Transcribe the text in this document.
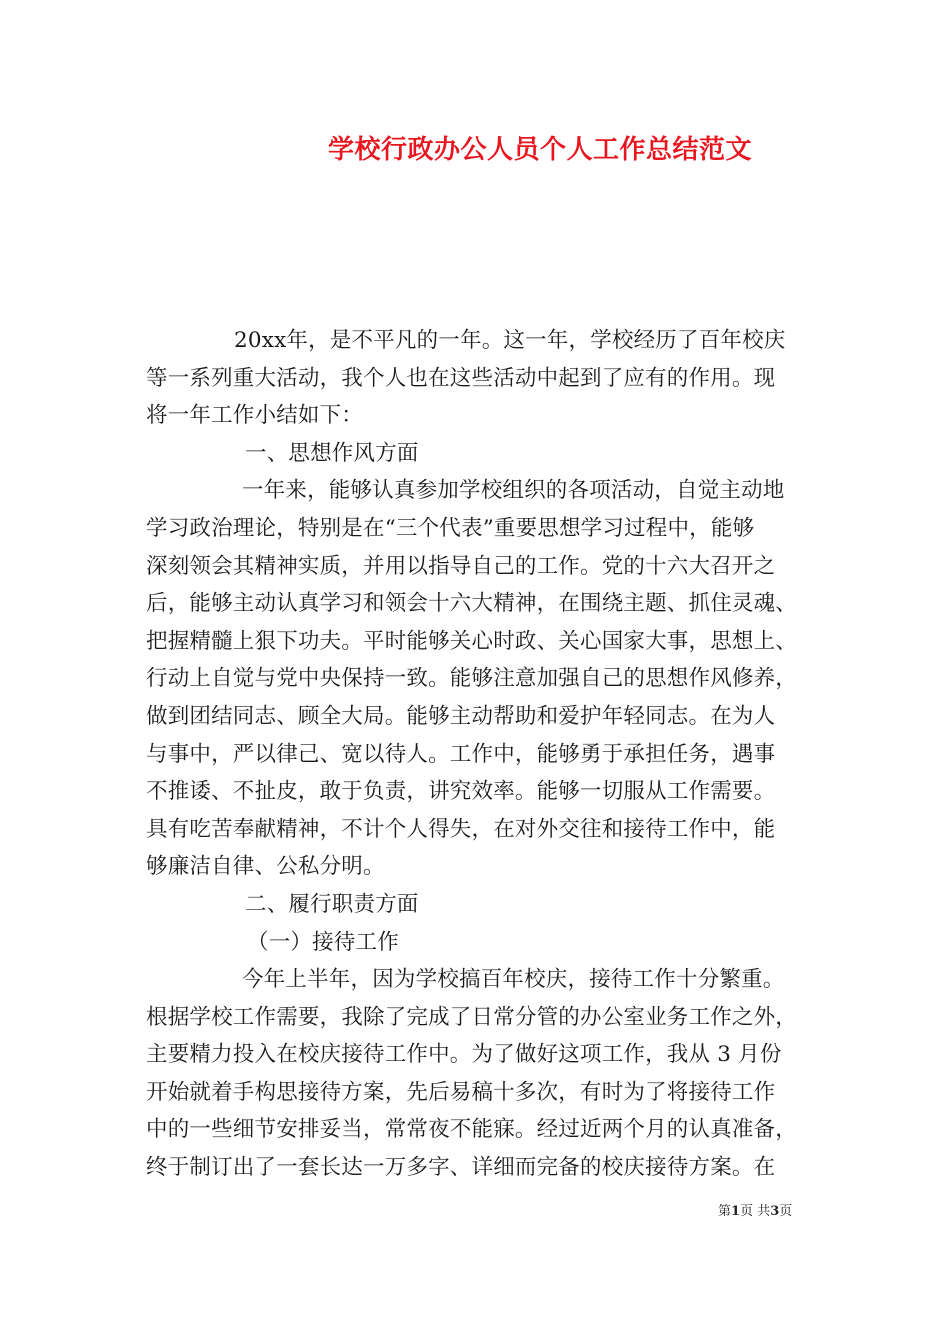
学校行政办公人员个人工作总结范文
20xx年，是不平凡的一年。这一年，学校经历了百年校庆
等一系列重大活动，我个人也在这些活动中起到了应有的作用。现
将一年工作小结如下：
一、思想作风方面
一年来，能够认真参加学校组织的各项活动，自觉主动地
学习政治理论，特别是在“三个代表”重要思想学习过程中，能够
深刻领会其精神实质，并用以指导自己的工作。党的十六大召开之
后，能够主动认真学习和领会十六大精神，在围绕主题、抓住灵魂、
把握精髓上狠下功夫。平时能够关心时政、关心国家大事，思想上、
行动上自觉与党中央保持一致。能够注意加强自己的思想作风修养，
做到团结同志、顾全大局。能够主动帮助和爱护年轻同志。在为人
与事中，严以律己、宽以待人。工作中，能够勇于承担任务，遇事
不推诿、不扯皮，敢于负责，讲究效率。能够一切服从工作需要。
具有吃苦奉献精神，不计个人得失，在对外交往和接待工作中，能
够廉洁自律、公私分明。
二、履行职责方面
（一）接待工作
今年上半年，因为学校搞百年校庆，接待工作十分繁重。
根据学校工作需要，我除了完成了日常分管的办公室业务工作之外，
主要精力投入在校庆接待工作中。为了做好这项工作，我从 3 月份
开始就着手构思接待方案，先后易稿十多次，有时为了将接待工作
中的一些细节安排妥当，常常夜不能寐。经过近两个月的认真准备，
终于制订出了一套长达一万多字、详细而完备的校庆接待方案。在
第1页 共3页
